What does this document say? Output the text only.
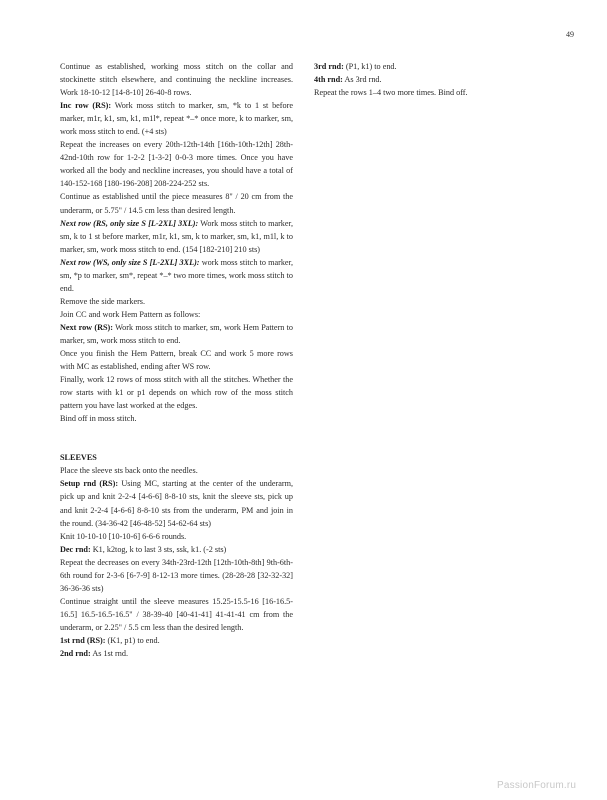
49

Continue as established, working moss stitch on the collar and stockinette stitch elsewhere, and continuing the neckline increases. Work 18-10-12 [14-8-10] 26-40-8 rows.

Inc row (RS): Work moss stitch to marker, sm, *k to 1 st before marker, m1r, k1, sm, k1, m1l*, repeat *–* once more, k to marker, sm, work moss stitch to end. (+4 sts)

Repeat the increases on every 20th-12th-14th [16th-10th-12th] 28th-42nd-10th row for 1-2-2 [1-3-2] 0-0-3 more times. Once you have worked all the body and neckline increases, you should have a total of 140-152-168 [180-196-208] 208-224-252 sts.

Continue as established until the piece measures 8" / 20 cm from the underarm, or 5.75" / 14.5 cm less than desired length.

Next row (RS, only size S [L-2XL] 3XL): Work moss stitch to marker, sm, k to 1 st before marker, m1r, k1, sm, k to marker, sm, k1, m1l, k to marker, sm, work moss stitch to end. (154 [182-210] 210 sts)

Next row (WS, only size S [L-2XL] 3XL): work moss stitch to marker, sm, *p to marker, sm*, repeat *–* two more times, work moss stitch to end.

Remove the side markers.

Join CC and work Hem Pattern as follows:

Next row (RS): Work moss stitch to marker, sm, work Hem Pattern to marker, sm, work moss stitch to end.

Once you finish the Hem Pattern, break CC and work 5 more rows with MC as established, ending after WS row.

Finally, work 12 rows of moss stitch with all the stitches. Whether the row starts with k1 or p1 depends on which row of the moss stitch pattern you have last worked at the edges.

Bind off in moss stitch.

SLEEVES

Place the sleeve sts back onto the needles.

Setup rnd (RS): Using MC, starting at the center of the underarm, pick up and knit 2-2-4 [4-6-6] 8-8-10 sts, knit the sleeve sts, pick up and knit 2-2-4 [4-6-6] 8-8-10 sts from the underarm, PM and join in the round. (34-36-42 [46-48-52] 54-62-64 sts)

Knit 10-10-10 [10-10-6] 6-6-6 rounds.

Dec rnd: K1, k2tog, k to last 3 sts, ssk, k1. (-2 sts)

Repeat the decreases on every 34th-23rd-12th [12th-10th-8th] 9th-6th-6th round for 2-3-6 [6-7-9] 8-12-13 more times. (28-28-28 [32-32-32] 36-36-36 sts)

Continue straight until the sleeve measures 15.25-15.5-16 [16-16.5-16.5] 16.5-16.5-16.5" / 38-39-40 [40-41-41] 41-41-41 cm from the underarm, or 2.25" / 5.5 cm less than the desired length.

1st rnd (RS): (K1, p1) to end.

2nd rnd: As 1st rnd.

3rd rnd: (P1, k1) to end.

4th rnd: As 3rd rnd.

Repeat the rows 1–4 two more times. Bind off.

PassionForum.ru
